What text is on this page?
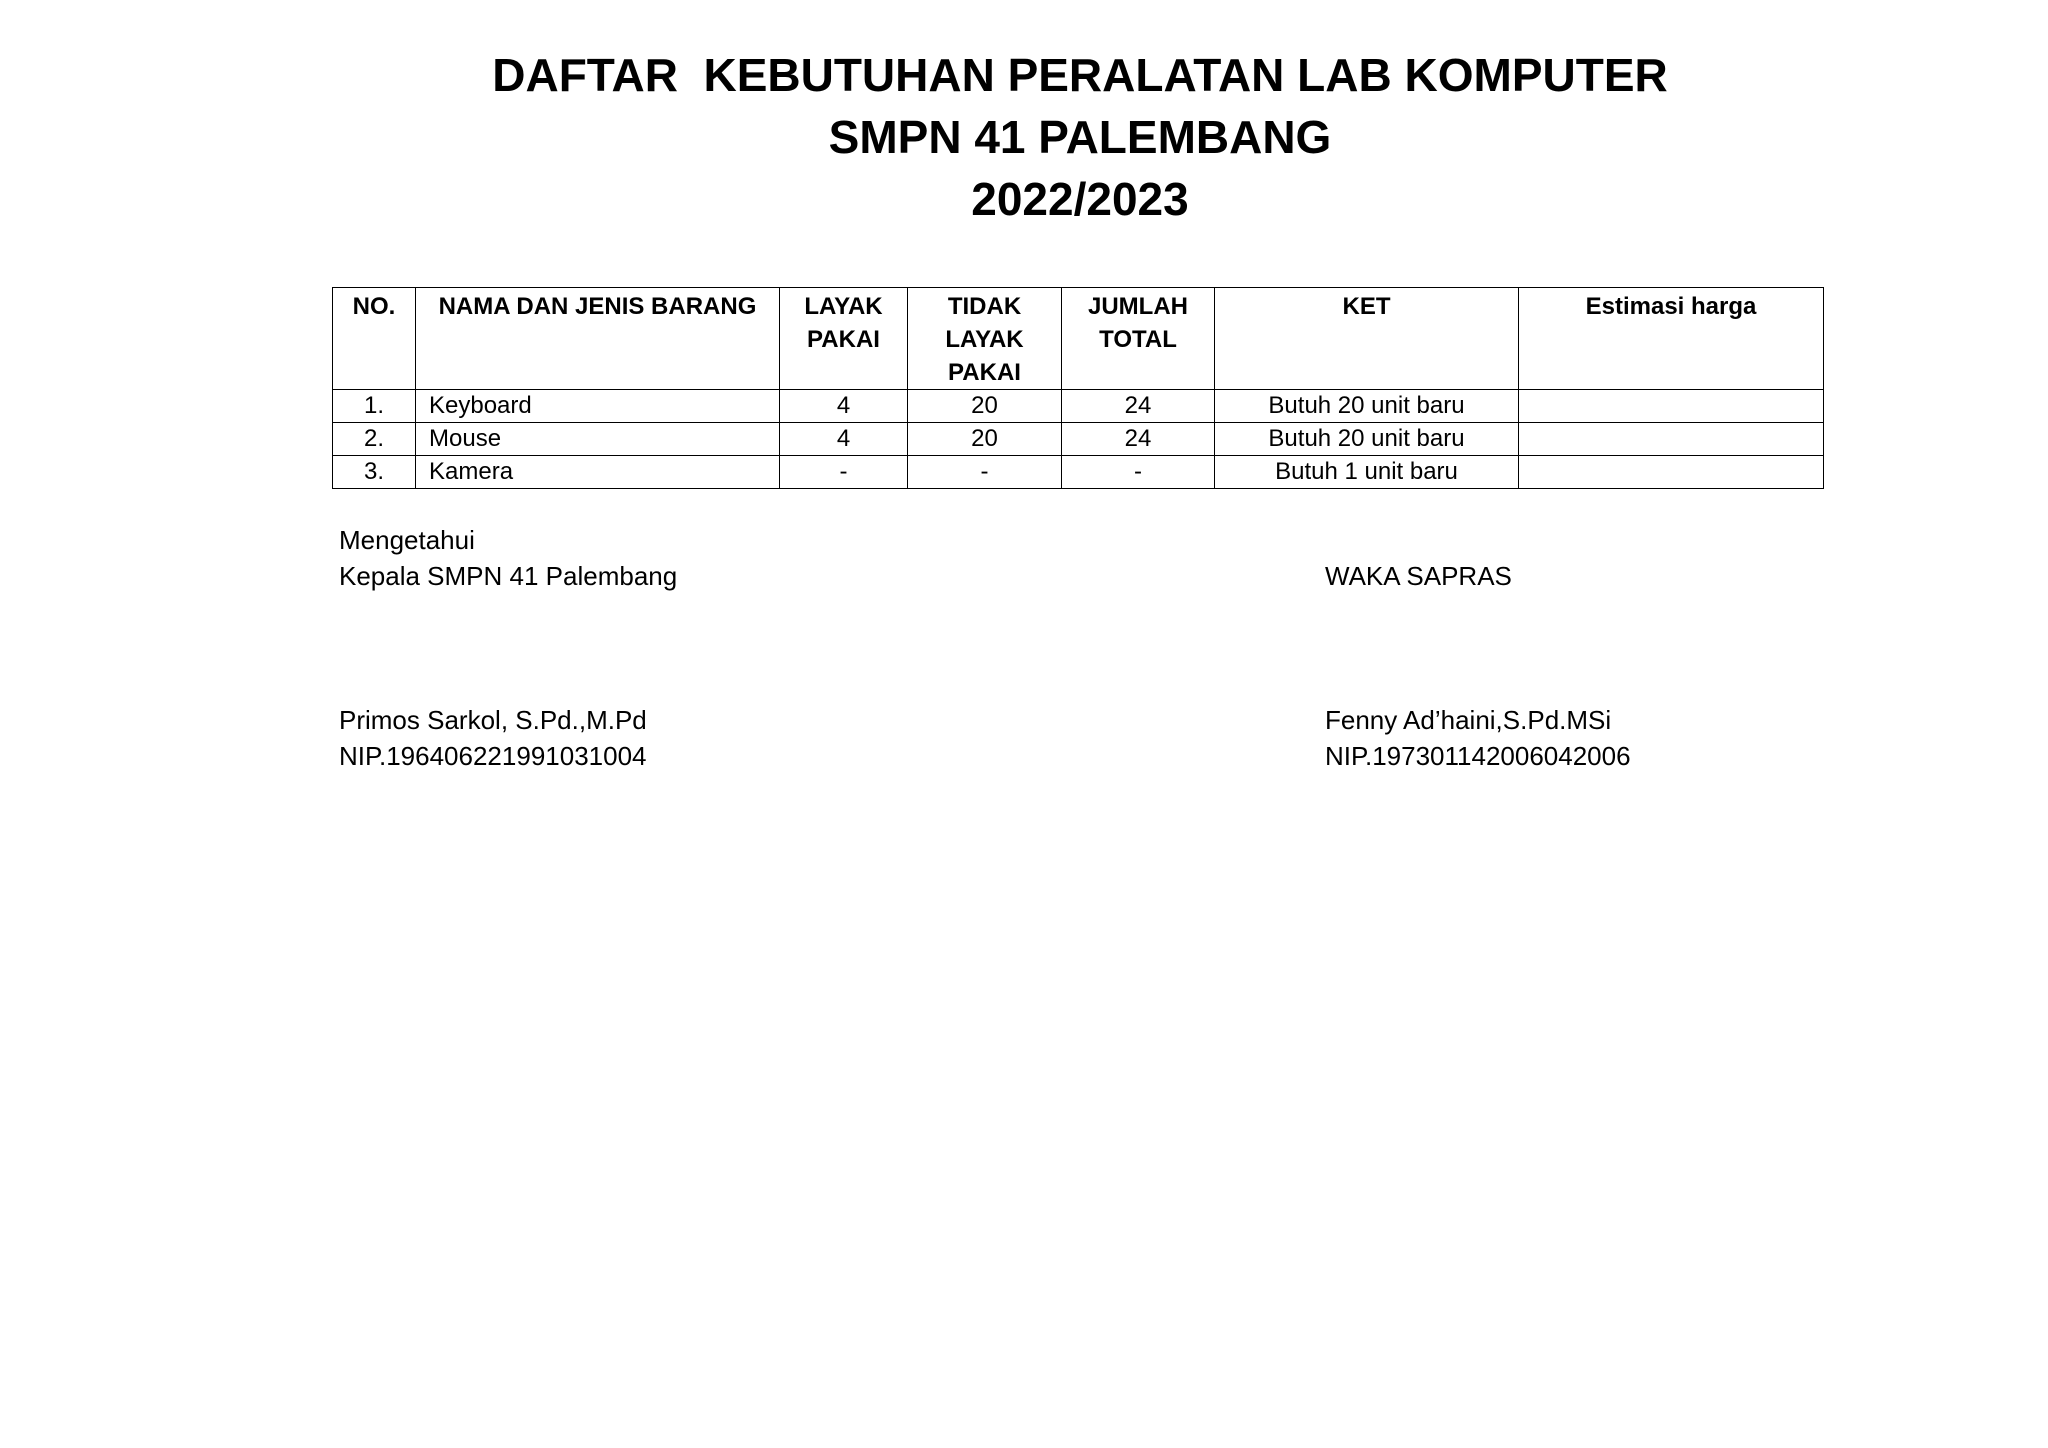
DAFTAR  KEBUTUHAN PERALATAN LAB KOMPUTER
SMPN 41 PALEMBANG
2022/2023
NO.	NAMA DAN JENIS BARANG	LAYAK PAKAI	TIDAK LAYAK PAKAI	JUMLAH TOTAL	KET	Estimasi harga
1.	Keyboard	4	20	24	Butuh 20 unit baru	
2.	Mouse	4	20	24	Butuh 20 unit baru	
3.	Kamera	-	-	-	Butuh 1 unit baru	
Mengetahui
Kepala SMPN 41 Palembang
Primos Sarkol, S.Pd.,M.Pd
NIP.196406221991031004
WAKA SAPRAS
Fenny Ad’haini,S.Pd.MSi
NIP.197301142006042006
